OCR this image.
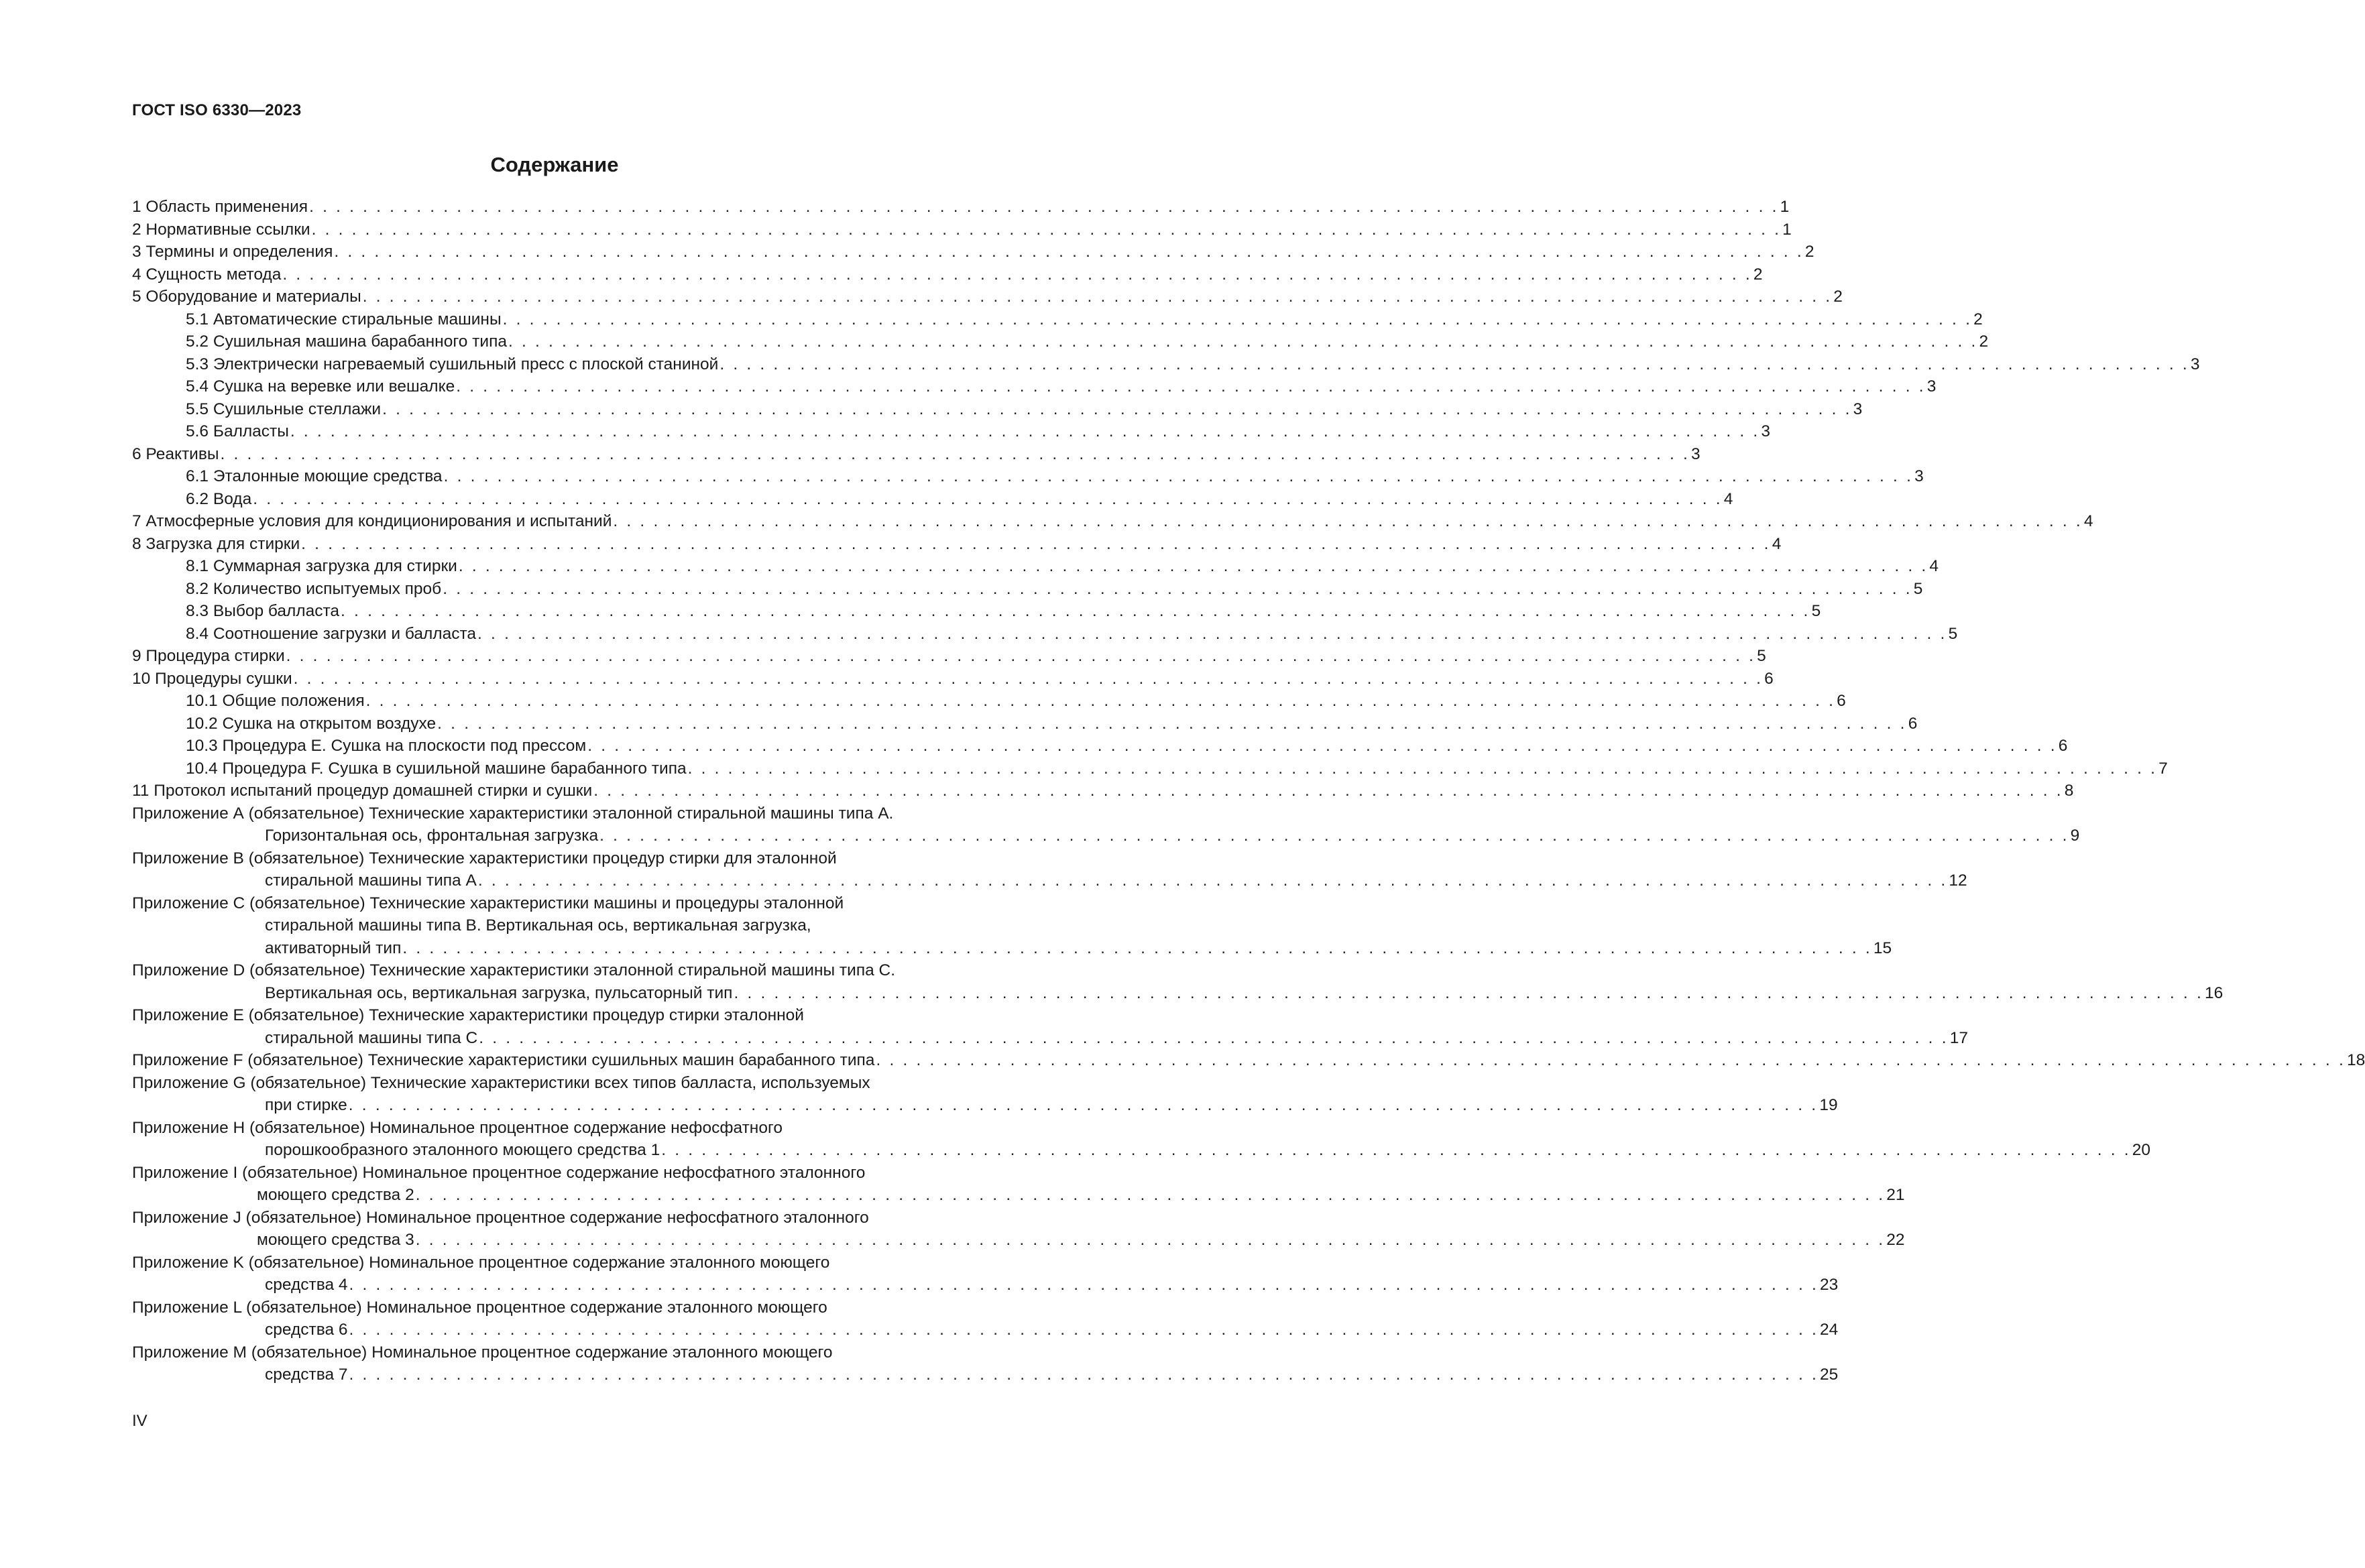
ГОСТ ISO 6330—2023
Содержание
1 Область применения . . . . . . . . . . . . . . . . . . . . . . . . . . . . . . . . . . . . . . . . . . . . . . . . . . . . . . . . . . . . . . . . . . . . . . . . . . . . . . . . . . . . . . . . . . . . . . . . . . . . . . . . . . . . . . 1
2 Нормативные ссылки . . . . . . . . . . . . . . . . . . . . . . . . . . . . . . . . . . . . . . . . . . . . . . . . . . . . . . . . . . . . . . . . . . . . . . . . . . . . . . . . . . . . . . . . . . . . . . . . . . . . . . . . . . . . . . 1
3 Термины и определения . . . . . . . . . . . . . . . . . . . . . . . . . . . . . . . . . . . . . . . . . . . . . . . . . . . . . . . . . . . . . . . . . . . . . . . . . . . . . . . . . . . . . . . . . . . . . . . . . . . . . . . . . . . . . . 2
4 Сущность метода . . . . . . . . . . . . . . . . . . . . . . . . . . . . . . . . . . . . . . . . . . . . . . . . . . . . . . . . . . . . . . . . . . . . . . . . . . . . . . . . . . . . . . . . . . . . . . . . . . . . . . . . . . . . . . 2
5 Оборудование и материалы . . . . . . . . . . . . . . . . . . . . . . . . . . . . . . . . . . . . . . . . . . . . . . . . . . . . . . . . . . . . . . . . . . . . . . . . . . . . . . . . . . . . . . . . . . . . . . . . . . . . . . . . . . . . . . 2
5.1 Автоматические стиральные машины . . . . . . . . . . . . . . . . . . . . . . . . . . . . . . . . . . . . . . . . . . . . . . . . . . . . . . . . . . . . . . . . . . . . . . . . . . . . . . . . . . . . . . . . . . . . . . . . . . . . . . . . . . . . . . 2
5.2 Сушильная машина барабанного типа . . . . . . . . . . . . . . . . . . . . . . . . . . . . . . . . . . . . . . . . . . . . . . . . . . . . . . . . . . . . . . . . . . . . . . . . . . . . . . . . . . . . . . . . . . . . . . . . . . . . . . . . . . . . . . 2
5.3 Электрически нагреваемый сушильный пресс с плоской станиной . . . . . . . . . . . . . . . . . . . . . . . . . . . . . . . . . . . . . . . . . . . . . . . . . . . . . . . . . . . . . . . . . . . . . . . . . . . . . . . . . . . . . . . . . . . . . . . . . . . . . . . . . . . . . . 3
5.4 Сушка на веревке или вешалке . . . . . . . . . . . . . . . . . . . . . . . . . . . . . . . . . . . . . . . . . . . . . . . . . . . . . . . . . . . . . . . . . . . . . . . . . . . . . . . . . . . . . . . . . . . . . . . . . . . . . . . . . . . . . . 3
5.5 Сушильные стеллажи . . . . . . . . . . . . . . . . . . . . . . . . . . . . . . . . . . . . . . . . . . . . . . . . . . . . . . . . . . . . . . . . . . . . . . . . . . . . . . . . . . . . . . . . . . . . . . . . . . . . . . . . . . . . . . 3
5.6 Балласты . . . . . . . . . . . . . . . . . . . . . . . . . . . . . . . . . . . . . . . . . . . . . . . . . . . . . . . . . . . . . . . . . . . . . . . . . . . . . . . . . . . . . . . . . . . . . . . . . . . . . . . . . . . . . . 3
6 Реактивы . . . . . . . . . . . . . . . . . . . . . . . . . . . . . . . . . . . . . . . . . . . . . . . . . . . . . . . . . . . . . . . . . . . . . . . . . . . . . . . . . . . . . . . . . . . . . . . . . . . . . . . . . . . . . . 3
6.1 Эталонные моющие средства . . . . . . . . . . . . . . . . . . . . . . . . . . . . . . . . . . . . . . . . . . . . . . . . . . . . . . . . . . . . . . . . . . . . . . . . . . . . . . . . . . . . . . . . . . . . . . . . . . . . . . . . . . . . . . 3
6.2 Вода . . . . . . . . . . . . . . . . . . . . . . . . . . . . . . . . . . . . . . . . . . . . . . . . . . . . . . . . . . . . . . . . . . . . . . . . . . . . . . . . . . . . . . . . . . . . . . . . . . . . . . . . . . . . . . 4
7 Атмосферные условия для кондиционирования и испытаний . . . . . . . . . . . . . . . . . . . . . . . . . . . . . . . . . . . . . . . . . . . . . . . . . . . . . . . . . . . . . . . . . . . . . . . . . . . . . . . . . . . . . . . . . . . . . . . . . . . . . . . . . . . . . . 4
8 Загрузка для стирки . . . . . . . . . . . . . . . . . . . . . . . . . . . . . . . . . . . . . . . . . . . . . . . . . . . . . . . . . . . . . . . . . . . . . . . . . . . . . . . . . . . . . . . . . . . . . . . . . . . . . . . . . . . . . . 4
8.1 Суммарная загрузка для стирки . . . . . . . . . . . . . . . . . . . . . . . . . . . . . . . . . . . . . . . . . . . . . . . . . . . . . . . . . . . . . . . . . . . . . . . . . . . . . . . . . . . . . . . . . . . . . . . . . . . . . . . . . . . . . . 4
8.2 Количество испытуемых проб . . . . . . . . . . . . . . . . . . . . . . . . . . . . . . . . . . . . . . . . . . . . . . . . . . . . . . . . . . . . . . . . . . . . . . . . . . . . . . . . . . . . . . . . . . . . . . . . . . . . . . . . . . . . . . 5
8.3 Выбор балласта . . . . . . . . . . . . . . . . . . . . . . . . . . . . . . . . . . . . . . . . . . . . . . . . . . . . . . . . . . . . . . . . . . . . . . . . . . . . . . . . . . . . . . . . . . . . . . . . . . . . . . . . . . . . . . 5
8.4 Соотношение загрузки и балласта . . . . . . . . . . . . . . . . . . . . . . . . . . . . . . . . . . . . . . . . . . . . . . . . . . . . . . . . . . . . . . . . . . . . . . . . . . . . . . . . . . . . . . . . . . . . . . . . . . . . . . . . . . . . . . 5
9 Процедура стирки . . . . . . . . . . . . . . . . . . . . . . . . . . . . . . . . . . . . . . . . . . . . . . . . . . . . . . . . . . . . . . . . . . . . . . . . . . . . . . . . . . . . . . . . . . . . . . . . . . . . . . . . . . . . . . 5
10 Процедуры сушки . . . . . . . . . . . . . . . . . . . . . . . . . . . . . . . . . . . . . . . . . . . . . . . . . . . . . . . . . . . . . . . . . . . . . . . . . . . . . . . . . . . . . . . . . . . . . . . . . . . . . . . . . . . . . . 6
10.1 Общие положения . . . . . . . . . . . . . . . . . . . . . . . . . . . . . . . . . . . . . . . . . . . . . . . . . . . . . . . . . . . . . . . . . . . . . . . . . . . . . . . . . . . . . . . . . . . . . . . . . . . . . . . . . . . . . . 6
10.2 Сушка на открытом воздухе . . . . . . . . . . . . . . . . . . . . . . . . . . . . . . . . . . . . . . . . . . . . . . . . . . . . . . . . . . . . . . . . . . . . . . . . . . . . . . . . . . . . . . . . . . . . . . . . . . . . . . . . . . . . . . 6
10.3 Процедура E. Сушка на плоскости под прессом . . . . . . . . . . . . . . . . . . . . . . . . . . . . . . . . . . . . . . . . . . . . . . . . . . . . . . . . . . . . . . . . . . . . . . . . . . . . . . . . . . . . . . . . . . . . . . . . . . . . . . . . . . . . . . 6
10.4 Процедура F. Сушка в сушильной машине барабанного типа . . . . . . . . . . . . . . . . . . . . . . . . . . . . . . . . . . . . . . . . . . . . . . . . . . . . . . . . . . . . . . . . . . . . . . . . . . . . . . . . . . . . . . . . . . . . . . . . . . . . . . . . . . . . . . 7
11 Протокол испытаний процедур домашней стирки и сушки . . . . . . . . . . . . . . . . . . . . . . . . . . . . . . . . . . . . . . . . . . . . . . . . . . . . . . . . . . . . . . . . . . . . . . . . . . . . . . . . . . . . . . . . . . . . . . . . . . . . . . . . . . . . . . 8
Приложение А (обязательное) Технические характеристики эталонной стиральной машины типа А.
Горизонтальная ось, фронтальная загрузка . . . . . . . . . . . . . . . . . . . . . . . . . . . . . . . . . . . . . . . . . . . . . . . . . . . . . . . . . . . . . . . . . . . . . . . . . . . . . . . . . . . . . . . . . . . . . . . . . . . . . . . . . . . . . . 9
Приложение В (обязательное) Технические характеристики процедур стирки для эталонной
стиральной машины типа А . . . . . . . . . . . . . . . . . . . . . . . . . . . . . . . . . . . . . . . . . . . . . . . . . . . . . . . . . . . . . . . . . . . . . . . . . . . . . . . . . . . . . . . . . . . . . . . . . . . . . . . . . . . . . . 12
Приложение С (обязательное) Технические характеристики машины и процедуры эталонной
стиральной машины типа В. Вертикальная ось, вертикальная загрузка,
активаторный тип . . . . . . . . . . . . . . . . . . . . . . . . . . . . . . . . . . . . . . . . . . . . . . . . . . . . . . . . . . . . . . . . . . . . . . . . . . . . . . . . . . . . . . . . . . . . . . . . . . . . . . . . . . . . . . 15
Приложение D (обязательное) Технические характеристики эталонной стиральной машины типа С.
Вертикальная ось, вертикальная загрузка, пульсаторный тип . . . . . . . . . . . . . . . . . . . . . . . . . . . . . . . . . . . . . . . . . . . . . . . . . . . . . . . . . . . . . . . . . . . . . . . . . . . . . . . . . . . . . . . . . . . . . . . . . . . . . . . . . . . . . . 16
Приложение E (обязательное) Технические характеристики процедур стирки эталонной
стиральной машины типа С . . . . . . . . . . . . . . . . . . . . . . . . . . . . . . . . . . . . . . . . . . . . . . . . . . . . . . . . . . . . . . . . . . . . . . . . . . . . . . . . . . . . . . . . . . . . . . . . . . . . . . . . . . . . . . 17
Приложение F (обязательное) Технические характеристики сушильных машин барабанного типа . . . . . . . . . . . . . . . . . . . . . . . . . . . . . . . . . . . . . . . . . . . . . . . . . . . . . . . . . . . . . . . . . . . . . . . . . . . . . . . . . . . . . . . . . . . . . . . . . . . . . . . . . . . . . . 18
Приложение G (обязательное) Технические характеристики всех типов балласта, используемых
при стирке . . . . . . . . . . . . . . . . . . . . . . . . . . . . . . . . . . . . . . . . . . . . . . . . . . . . . . . . . . . . . . . . . . . . . . . . . . . . . . . . . . . . . . . . . . . . . . . . . . . . . . . . . . . . . . 19
Приложение H (обязательное) Номинальное процентное содержание нефосфатного
порошкообразного эталонного моющего средства 1 . . . . . . . . . . . . . . . . . . . . . . . . . . . . . . . . . . . . . . . . . . . . . . . . . . . . . . . . . . . . . . . . . . . . . . . . . . . . . . . . . . . . . . . . . . . . . . . . . . . . . . . . . . . . . . 20
Приложение I (обязательное) Номинальное процентное содержание нефосфатного эталонного
моющего средства 2 . . . . . . . . . . . . . . . . . . . . . . . . . . . . . . . . . . . . . . . . . . . . . . . . . . . . . . . . . . . . . . . . . . . . . . . . . . . . . . . . . . . . . . . . . . . . . . . . . . . . . . . . . . . . . . 21
Приложение J (обязательное) Номинальное процентное содержание нефосфатного эталонного
моющего средства 3 . . . . . . . . . . . . . . . . . . . . . . . . . . . . . . . . . . . . . . . . . . . . . . . . . . . . . . . . . . . . . . . . . . . . . . . . . . . . . . . . . . . . . . . . . . . . . . . . . . . . . . . . . . . . . . 22
Приложение K (обязательное) Номинальное процентное содержание эталонного моющего
средства 4 . . . . . . . . . . . . . . . . . . . . . . . . . . . . . . . . . . . . . . . . . . . . . . . . . . . . . . . . . . . . . . . . . . . . . . . . . . . . . . . . . . . . . . . . . . . . . . . . . . . . . . . . . . . . . . 23
Приложение L (обязательное) Номинальное процентное содержание эталонного моющего
средства 6 . . . . . . . . . . . . . . . . . . . . . . . . . . . . . . . . . . . . . . . . . . . . . . . . . . . . . . . . . . . . . . . . . . . . . . . . . . . . . . . . . . . . . . . . . . . . . . . . . . . . . . . . . . . . . . 24
Приложение M (обязательное) Номинальное процентное содержание эталонного моющего
средства 7 . . . . . . . . . . . . . . . . . . . . . . . . . . . . . . . . . . . . . . . . . . . . . . . . . . . . . . . . . . . . . . . . . . . . . . . . . . . . . . . . . . . . . . . . . . . . . . . . . . . . . . . . . . . . . . 25
IV
